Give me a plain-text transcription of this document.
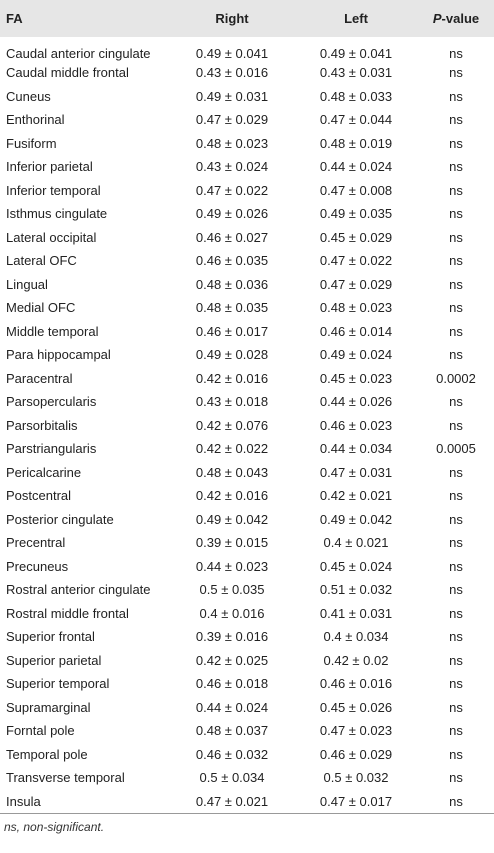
FA	Right	Left	P-value
Caudal anterior cingulate	0.49 ± 0.041	0.49 ± 0.041	ns
Caudal middle frontal	0.43 ± 0.016	0.43 ± 0.031	ns
Cuneus	0.49 ± 0.031	0.48 ± 0.033	ns
Enthorinal	0.47 ± 0.029	0.47 ± 0.044	ns
Fusiform	0.48 ± 0.023	0.48 ± 0.019	ns
Inferior parietal	0.43 ± 0.024	0.44 ± 0.024	ns
Inferior temporal	0.47 ± 0.022	0.47 ± 0.008	ns
Isthmus cingulate	0.49 ± 0.026	0.49 ± 0.035	ns
Lateral occipital	0.46 ± 0.027	0.45 ± 0.029	ns
Lateral OFC	0.46 ± 0.035	0.47 ± 0.022	ns
Lingual	0.48 ± 0.036	0.47 ± 0.029	ns
Medial OFC	0.48 ± 0.035	0.48 ± 0.023	ns
Middle temporal	0.46 ± 0.017	0.46 ± 0.014	ns
Para hippocampal	0.49 ± 0.028	0.49 ± 0.024	ns
Paracentral	0.42 ± 0.016	0.45 ± 0.023	0.0002
Parsopercularis	0.43 ± 0.018	0.44 ± 0.026	ns
Parsorbitalis	0.42 ± 0.076	0.46 ± 0.023	ns
Parstriangularis	0.42 ± 0.022	0.44 ± 0.034	0.0005
Pericalcarine	0.48 ± 0.043	0.47 ± 0.031	ns
Postcentral	0.42 ± 0.016	0.42 ± 0.021	ns
Posterior cingulate	0.49 ± 0.042	0.49 ± 0.042	ns
Precentral	0.39 ± 0.015	0.4 ± 0.021	ns
Precuneus	0.44 ± 0.023	0.45 ± 0.024	ns
Rostral anterior cingulate	0.5 ± 0.035	0.51 ± 0.032	ns
Rostral middle frontal	0.4 ± 0.016	0.41 ± 0.031	ns
Superior frontal	0.39 ± 0.016	0.4 ± 0.034	ns
Superior parietal	0.42 ± 0.025	0.42 ± 0.02	ns
Superior temporal	0.46 ± 0.018	0.46 ± 0.016	ns
Supramarginal	0.44 ± 0.024	0.45 ± 0.026	ns
Forntal pole	0.48 ± 0.037	0.47 ± 0.023	ns
Temporal pole	0.46 ± 0.032	0.46 ± 0.029	ns
Transverse temporal	0.5 ± 0.034	0.5 ± 0.032	ns
Insula	0.47 ± 0.021	0.47 ± 0.017	ns
ns, non-significant.
